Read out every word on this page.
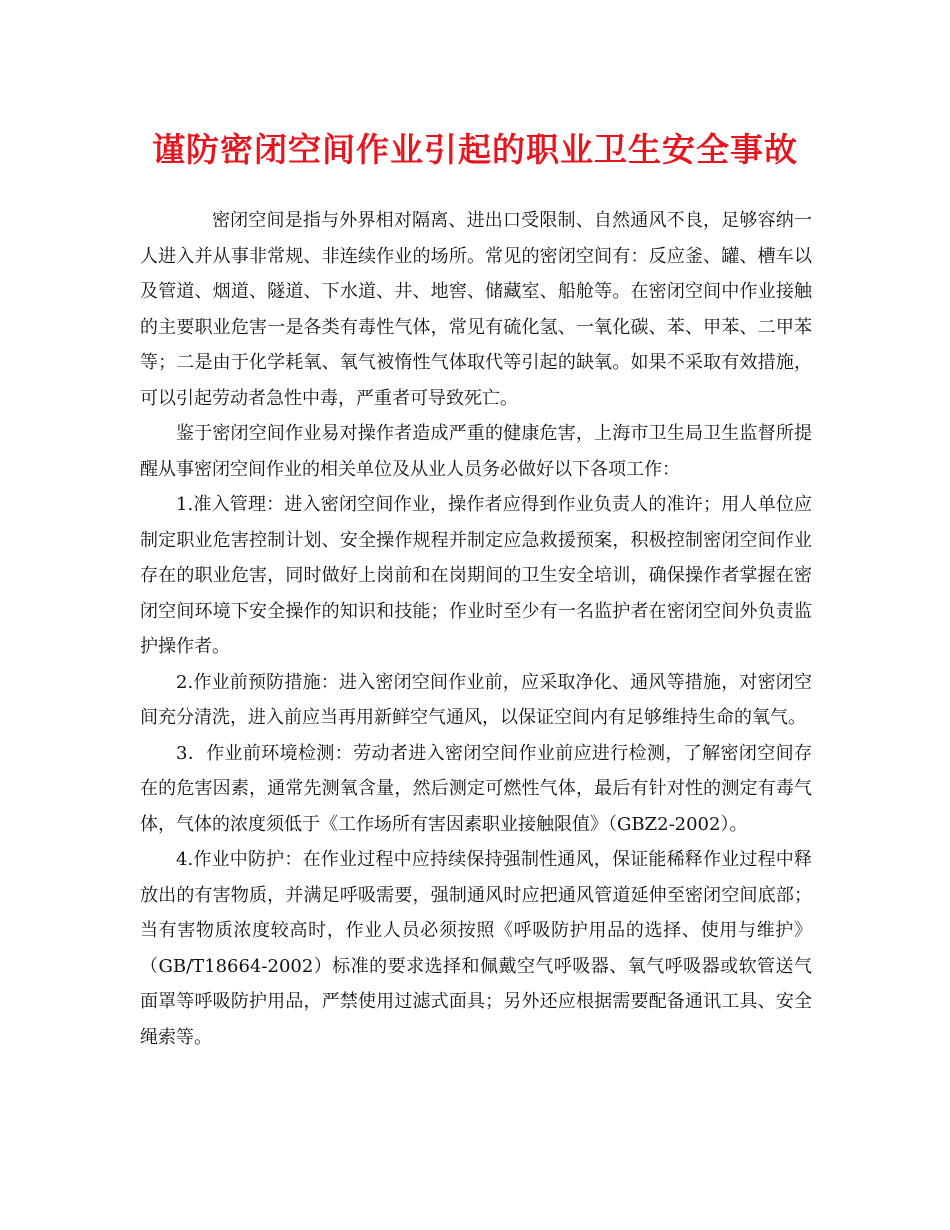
谨防密闭空间作业引起的职业卫生安全事故

密闭空间是指与外界相对隔离、进出口受限制、自然通风不良，足够容纳一人进入并从事非常规、非连续作业的场所。常见的密闭空间有：反应釜、罐、槽车以及管道、烟道、隧道、下水道、井、地窖、储藏室、船舱等。在密闭空间中作业接触的主要职业危害一是各类有毒性气体，常见有硫化氢、一氧化碳、苯、甲苯、二甲苯等；二是由于化学耗氧、氧气被惰性气体取代等引起的缺氧。如果不采取有效措施，可以引起劳动者急性中毒，严重者可导致死亡。

鉴于密闭空间作业易对操作者造成严重的健康危害，上海市卫生局卫生监督所提醒从事密闭空间作业的相关单位及从业人员务必做好以下各项工作：

1.准入管理：进入密闭空间作业，操作者应得到作业负责人的准许；用人单位应制定职业危害控制计划、安全操作规程并制定应急救援预案，积极控制密闭空间作业存在的职业危害，同时做好上岗前和在岗期间的卫生安全培训，确保操作者掌握在密闭空间环境下安全操作的知识和技能；作业时至少有一名监护者在密闭空间外负责监护操作者。

2.作业前预防措施：进入密闭空间作业前，应采取净化、通风等措施，对密闭空间充分清洗，进入前应当再用新鲜空气通风，以保证空间内有足够维持生命的氧气。

3．作业前环境检测：劳动者进入密闭空间作业前应进行检测，了解密闭空间存在的危害因素，通常先测氧含量，然后测定可燃性气体，最后有针对性的测定有毒气体，气体的浓度须低于《工作场所有害因素职业接触限值》（GBZ2-2002）。

4.作业中防护：在作业过程中应持续保持强制性通风，保证能稀释作业过程中释放出的有害物质，并满足呼吸需要，强制通风时应把通风管道延伸至密闭空间底部；当有害物质浓度较高时，作业人员必须按照《呼吸防护用品的选择、使用与维护》（GB/T18664-2002）标准的要求选择和佩戴空气呼吸器、氧气呼吸器或软管送气面罩等呼吸防护用品，严禁使用过滤式面具；另外还应根据需要配备通讯工具、安全绳索等。
